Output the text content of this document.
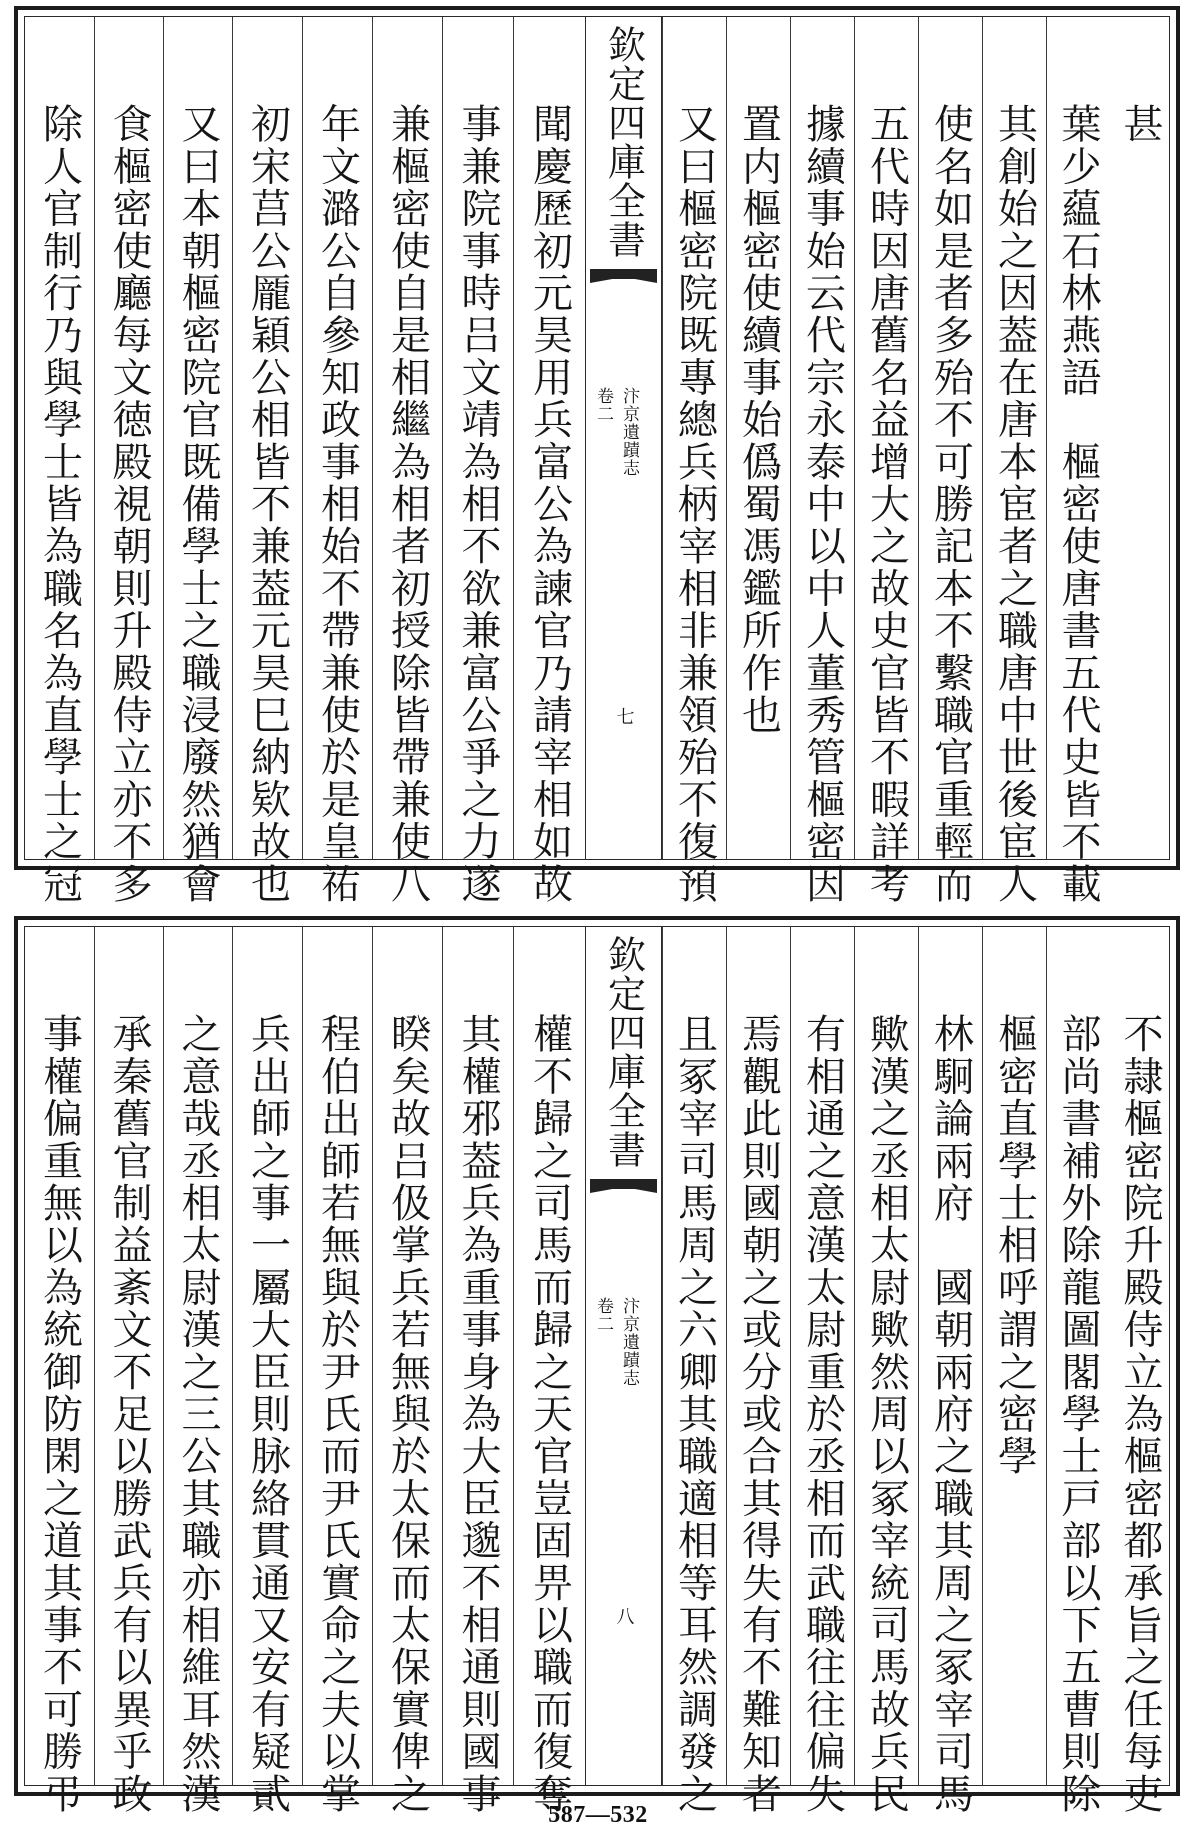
甚
葉少藴石林燕語　樞密使唐書五代史皆不載
其創始之因葢在唐本宦者之職唐中世後宦人
使名如是者多殆不可勝記本不繫職官重輕而
五代時因唐舊名益增大之故史官皆不暇詳考
據續事始云代宗永泰中以中人董秀管樞密因
置内樞密使續事始僞蜀馮鑑所作也
又曰樞密院既專總兵柄宰相非兼領殆不復預
欽定四庫全書
汴京遺蹟志
卷二
七
聞慶歷初元昊用兵富公為諫官乃請宰相如故
事兼院事時吕文靖為相不欲兼富公爭之力遂
兼樞密使自是相繼為相者初授除皆帶兼使八
年文潞公自參知政事相始不帶兼使於是皇祐
初宋莒公龎穎公相皆不兼葢元昊巳納欵故也
又曰本朝樞密院官既備學士之職浸廢然猶會
食樞密使廳每文徳殿視朝則升殿侍立亦不多
除人官制行乃與學士皆為職名為直學士之冠
不隷樞密院升殿侍立為樞密都承旨之任每吏
部尚書補外除龍圖閣學士戸部以下五曹則除
樞密直學士相呼謂之密學
林駉論兩府　國朝兩府之職其周之冢宰司馬
歟漢之丞相太尉歟然周以冢宰統司馬故兵民
有相通之意漢太尉重於丞相而武職往往偏失
焉觀此則國朝之或分或合其得失有不難知者
且冢宰司馬周之六卿其職適相等耳然調發之
欽定四庫全書
汴京遺蹟志
卷二
八
權不歸之司馬而歸之天官豈固畀以職而復奪
其權邪葢兵為重事身為大臣邈不相通則國事
睽矣故吕伋掌兵若無與於太保而太保實俾之
程伯出師若無與於尹氏而尹氏實命之夫以掌
兵出師之事一屬大臣則脉絡貫通又安有疑貳
之意哉丞相太尉漢之三公其職亦相維耳然漢
承秦舊官制益紊文不足以勝武兵有以異乎政
事權偏重無以為統御防閑之道其事不可勝弔
587—532
